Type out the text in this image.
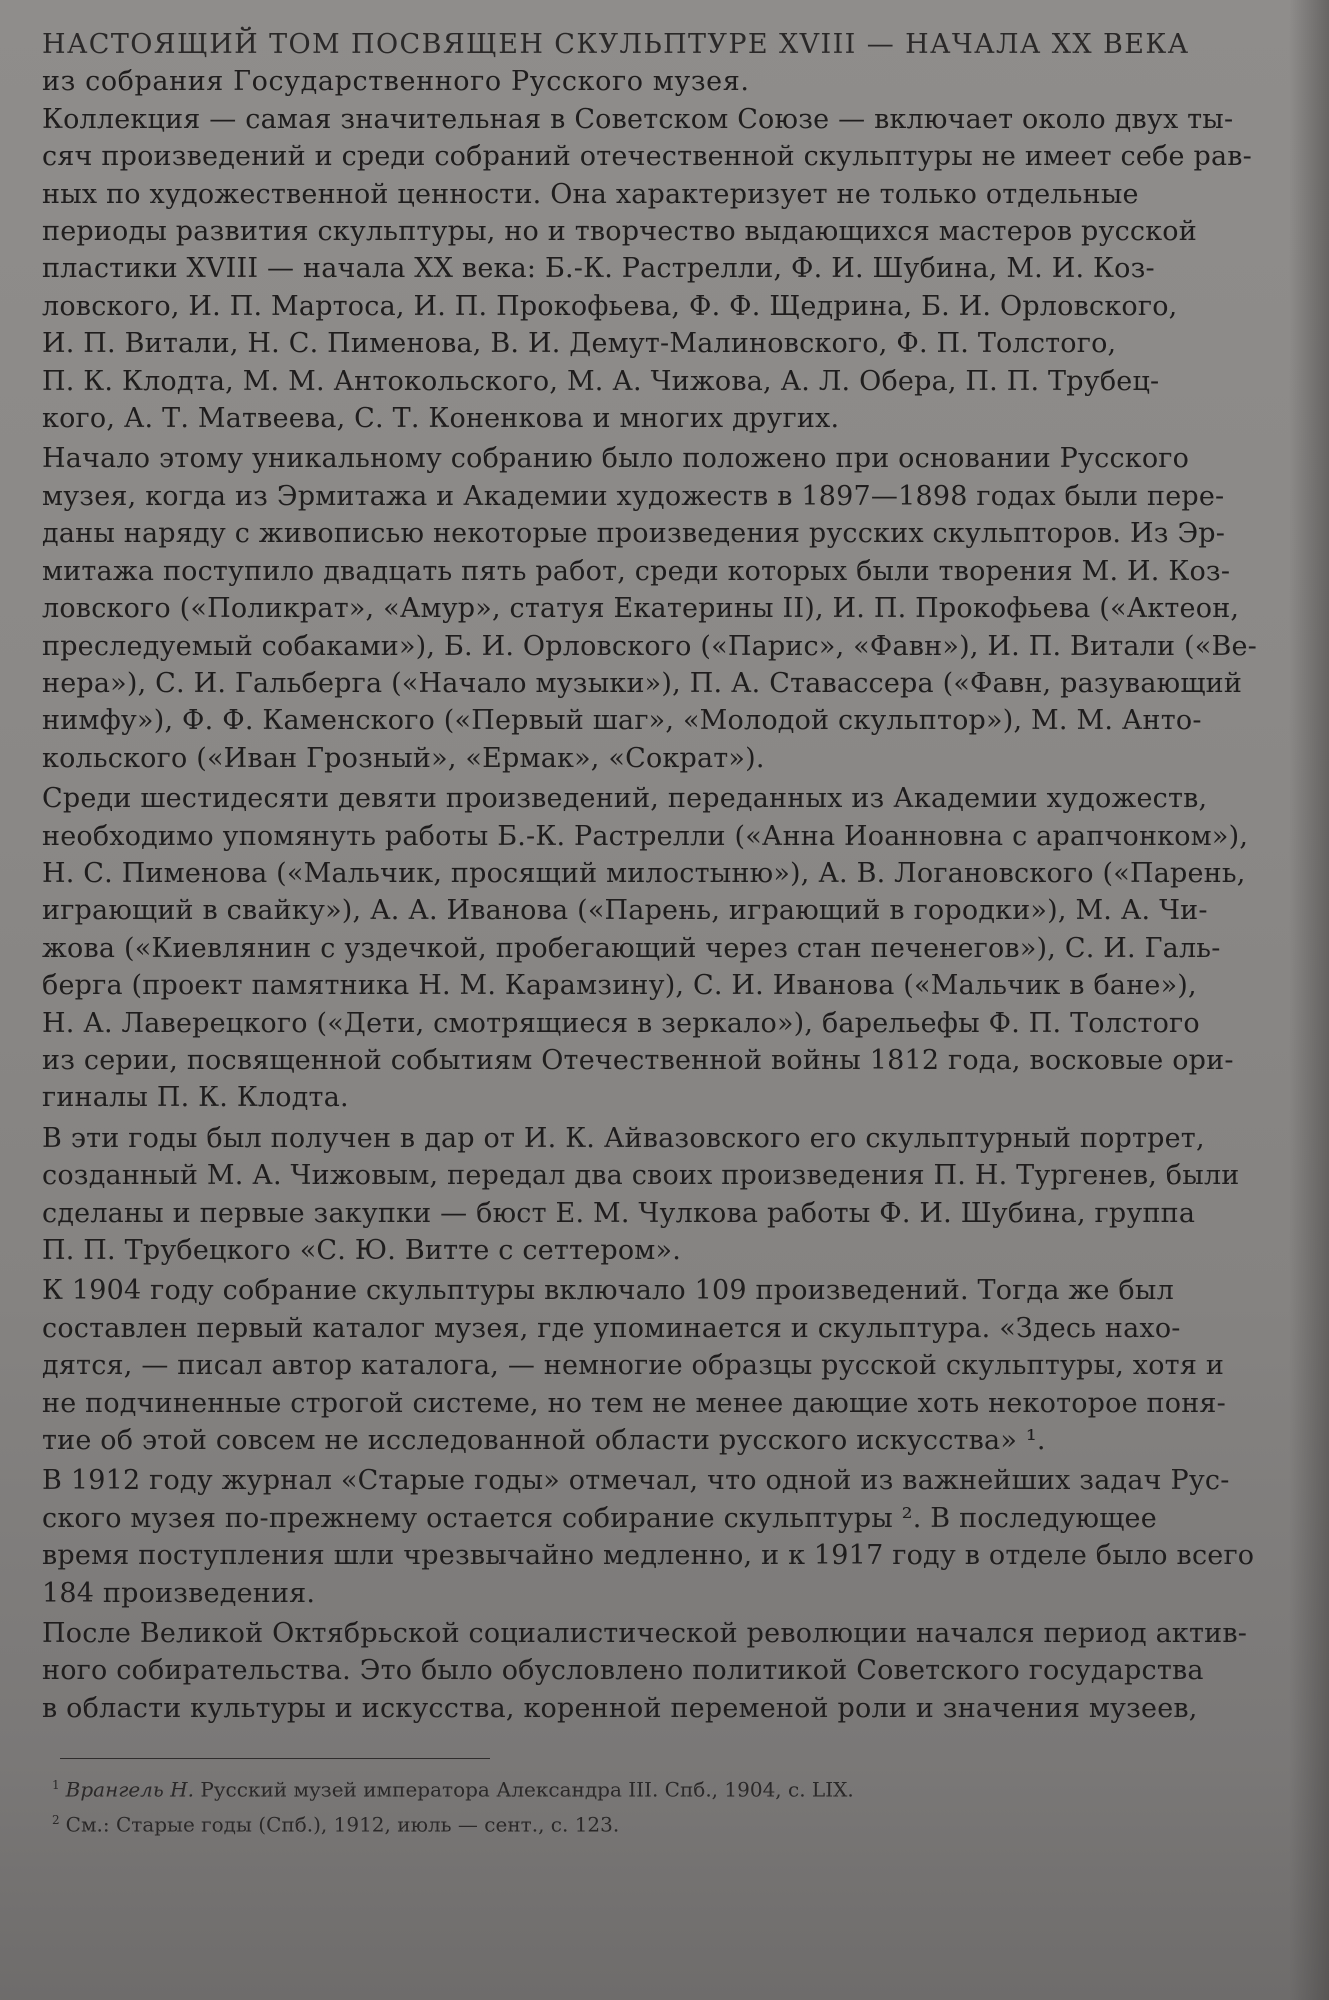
НАСТОЯЩИЙ ТОМ ПОСВЯЩЕН СКУЛЬПТУРЕ XVIII — НАЧАЛА XX ВЕКА

из собрания Государственного Русского музея.

Коллекция — самая значительная в Советском Союзе — включает около двух ты-
сяч произведений и среди собраний отечественной скульптуры не имеет себе рав-
ных по художественной ценности. Она характеризует не только отдельные
периоды развития скульптуры, но и творчество выдающихся мастеров русской
пластики XVIII — начала XX века: Б.-К. Растрелли, Ф. И. Шубина, М. И. Коз-
ловского, И. П. Мартоса, И. П. Прокофьева, Ф. Ф. Щедрина, Б. И. Орловского,
И. П. Витали, Н. С. Пименова, В. И. Демут-Малиновского, Ф. П. Толстого,
П. К. Клодта, М. М. Антокольского, М. А. Чижова, А. Л. Обера, П. П. Трубец-
кого, А. Т. Матвеева, С. Т. Коненкова и многих других.

Начало этому уникальному собранию было положено при основании Русского
музея, когда из Эрмитажа и Академии художеств в 1897—1898 годах были пере-
даны наряду с живописью некоторые произведения русских скульпторов. Из Эр-
митажа поступило двадцать пять работ, среди которых были творения М. И. Коз-
ловского («Поликрат», «Амур», статуя Екатерины II), И. П. Прокофьева («Актеон,
преследуемый собаками»), Б. И. Орловского («Парис», «Фавн»), И. П. Витали («Ве-
нера»), С. И. Гальберга («Начало музыки»), П. А. Ставассера («Фавн, разувающий
нимфу»), Ф. Ф. Каменского («Первый шаг», «Молодой скульптор»), М. М. Анто-
кольского («Иван Грозный», «Ермак», «Сократ»).

Среди шестидесяти девяти произведений, переданных из Академии художеств,
необходимо упомянуть работы Б.-К. Растрелли («Анна Иоанновна с арапчонком»),
Н. С. Пименова («Мальчик, просящий милостыню»), А. В. Логановского («Парень,
играющий в свайку»), А. А. Иванова («Парень, играющий в городки»), М. А. Чи-
жова («Киевлянин с уздечкой, пробегающий через стан печенегов»), С. И. Галь-
берга (проект памятника Н. М. Карамзину), С. И. Иванова («Мальчик в бане»),
Н. А. Лаверецкого («Дети, смотрящиеся в зеркало»), барельефы Ф. П. Толстого
из серии, посвященной событиям Отечественной войны 1812 года, восковые ори-
гиналы П. К. Клодта.

В эти годы был получен в дар от И. К. Айвазовского его скульптурный портрет,
созданный М. А. Чижовым, передал два своих произведения П. Н. Тургенев, были
сделаны и первые закупки — бюст Е. М. Чулкова работы Ф. И. Шубина, группа
П. П. Трубецкого «С. Ю. Витте с сеттером».

К 1904 году собрание скульптуры включало 109 произведений. Тогда же был
составлен первый каталог музея, где упоминается и скульптура. «Здесь нахо-
дятся, — писал автор каталога, — немногие образцы русской скульптуры, хотя и
не подчиненные строгой системе, но тем не менее дающие хоть некоторое поня-
тие об этой совсем не исследованной области русского искусства» ¹.

В 1912 году журнал «Старые годы» отмечал, что одной из важнейших задач Рус-
ского музея по-прежнему остается собирание скульптуры ². В последующее
время поступления шли чрезвычайно медленно, и к 1917 году в отделе было всего
184 произведения.

После Великой Октябрьской социалистической революции начался период актив-
ного собирательства. Это было обусловлено политикой Советского государства
в области культуры и искусства, коренной переменой роли и значения музеев,

$^1$ Врангель Н. Русский музей императора Александра III. Спб., 1904, с. LIX.

$^2$ См.: Старые годы (Спб.), 1912, июль — сент., с. 123.
